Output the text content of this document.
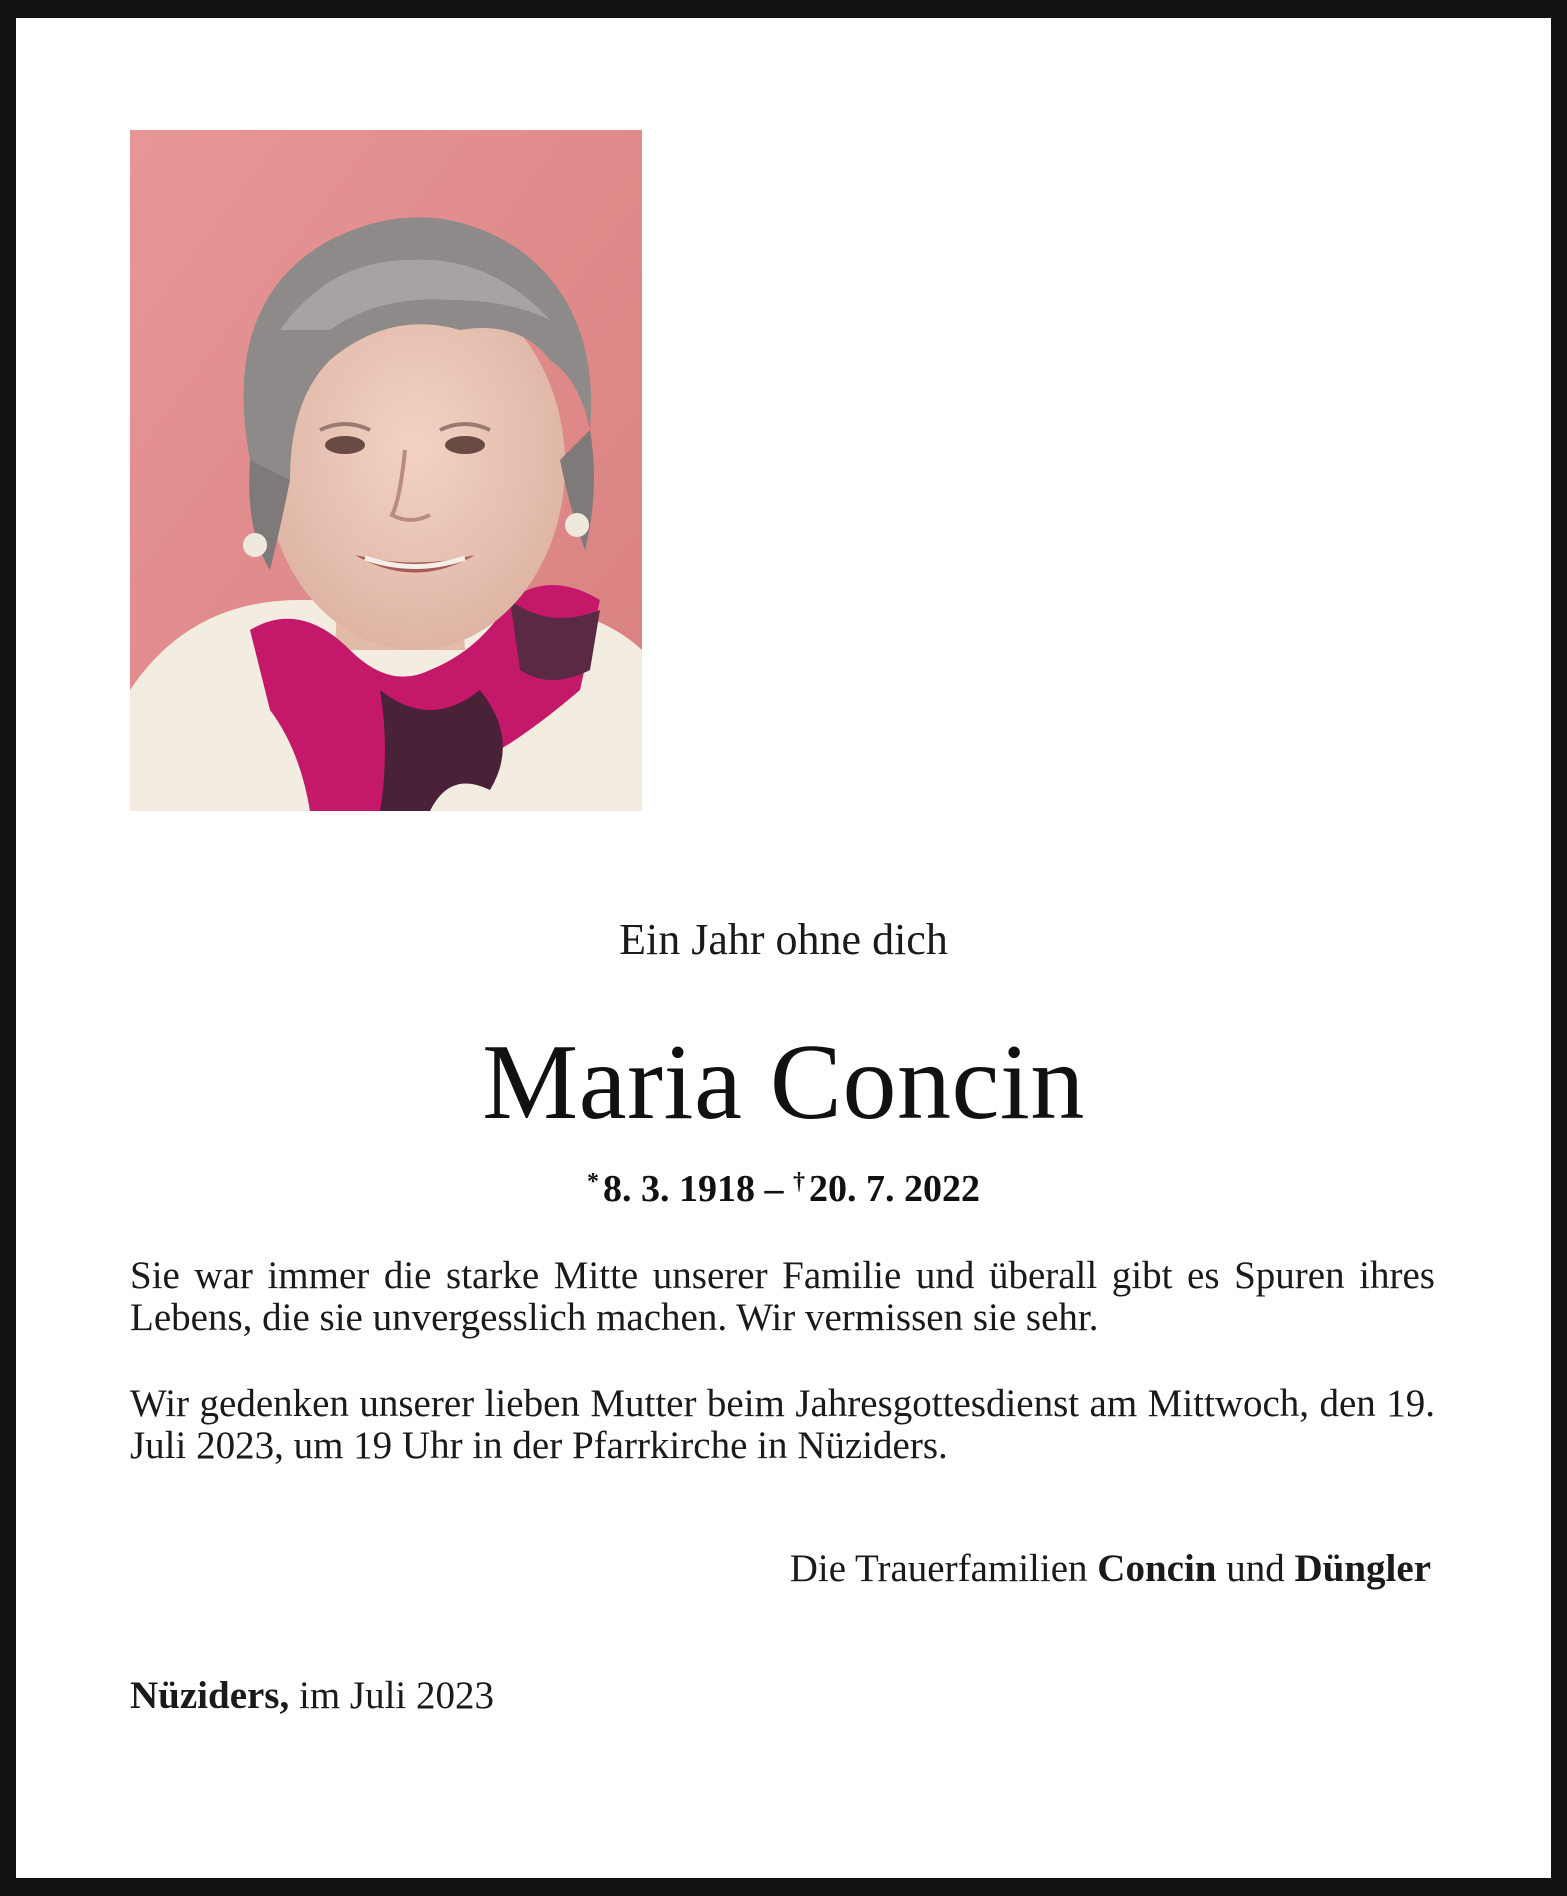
Ein Jahr ohne dich
Maria Concin
* 8. 3. 1918 – † 20. 7. 2022
Sie war immer die starke Mitte unserer Familie und überall gibt es Spuren ihres Lebens, die sie unvergesslich machen. Wir vermissen sie sehr.
Wir gedenken unserer lieben Mutter beim Jahresgottesdienst am Mittwoch, den 19. Juli 2023, um 19 Uhr in der Pfarrkirche in Nüziders.
Die Trauerfamilien Concin und Düngler
Nüziders, im Juli 2023
